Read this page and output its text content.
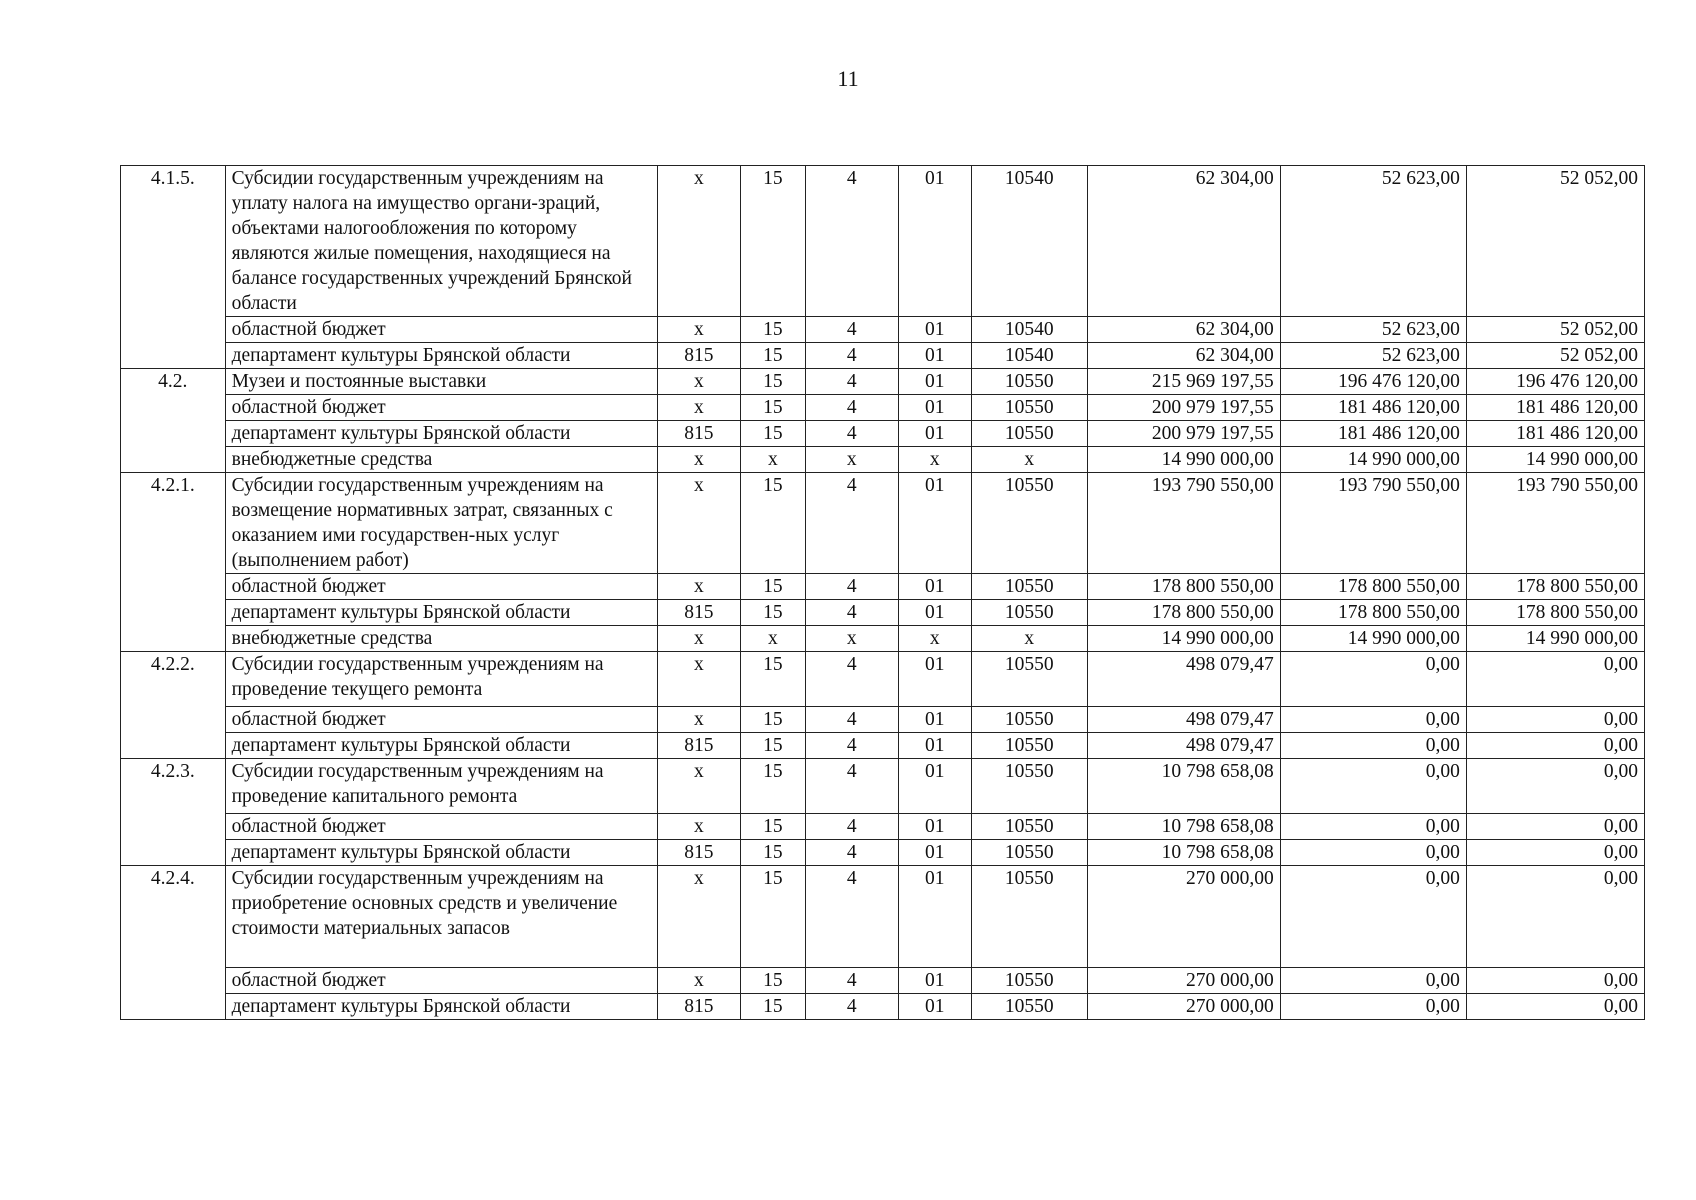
11
4.1.5.	Субсидии государственным учреждениям на уплату налога на имущество органи-зраций, объектами налогообложения по которому являются жилые помещения, находящиеся на балансе государственных учреждений Брянской области	х	15	4	01	10540	62 304,00	52 623,00	52 052,00
	областной бюджет	х	15	4	01	10540	62 304,00	52 623,00	52 052,00
	департамент культуры Брянской области	815	15	4	01	10540	62 304,00	52 623,00	52 052,00
4.2.	Музеи и постоянные выставки	х	15	4	01	10550	215 969 197,55	196 476 120,00	196 476 120,00
	областной бюджет	х	15	4	01	10550	200 979 197,55	181 486 120,00	181 486 120,00
	департамент культуры Брянской области	815	15	4	01	10550	200 979 197,55	181 486 120,00	181 486 120,00
	внебюджетные средства	х	х	х	х	х	14 990 000,00	14 990 000,00	14 990 000,00
4.2.1.	Субсидии государственным учреждениям на возмещение нормативных затрат, связанных с оказанием ими государствен-ных услуг (выполнением работ)	х	15	4	01	10550	193 790 550,00	193 790 550,00	193 790 550,00
	областной бюджет	х	15	4	01	10550	178 800 550,00	178 800 550,00	178 800 550,00
	департамент культуры Брянской области	815	15	4	01	10550	178 800 550,00	178 800 550,00	178 800 550,00
	внебюджетные средства	х	х	х	х	х	14 990 000,00	14 990 000,00	14 990 000,00
4.2.2.	Субсидии государственным учреждениям на проведение текущего ремонта	х	15	4	01	10550	498 079,47	0,00	0,00
	областной бюджет	х	15	4	01	10550	498 079,47	0,00	0,00
	департамент культуры Брянской области	815	15	4	01	10550	498 079,47	0,00	0,00
4.2.3.	Субсидии государственным учреждениям на проведение капитального ремонта	х	15	4	01	10550	10 798 658,08	0,00	0,00
	областной бюджет	х	15	4	01	10550	10 798 658,08	0,00	0,00
	департамент культуры Брянской области	815	15	4	01	10550	10 798 658,08	0,00	0,00
4.2.4.	Субсидии государственным учреждениям на приобретение основных средств и увеличение стоимости материальных запасов	х	15	4	01	10550	270 000,00	0,00	0,00
	областной бюджет	х	15	4	01	10550	270 000,00	0,00	0,00
	департамент культуры Брянской области	815	15	4	01	10550	270 000,00	0,00	0,00
